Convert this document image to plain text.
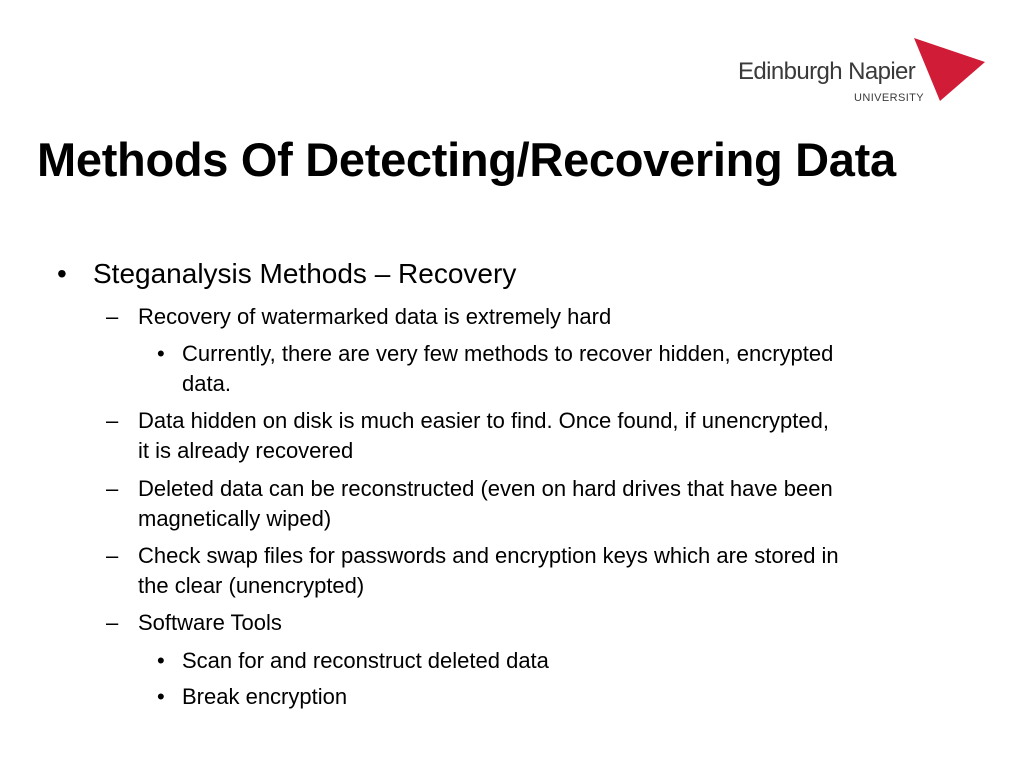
Edinburgh Napier
UNIVERSITY
Methods Of Detecting/Recovering Data
• Steganalysis Methods – Recovery
– Recovery of watermarked data is extremely hard
• Currently, there are very few methods to recover hidden, encrypted
data.
– Data hidden on disk is much easier to find. Once found, if unencrypted,
it is already recovered
– Deleted data can be reconstructed (even on hard drives that have been
magnetically wiped)
– Check swap files for passwords and encryption keys which are stored in
the clear (unencrypted)
– Software Tools
• Scan for and reconstruct deleted data
• Break encryption
